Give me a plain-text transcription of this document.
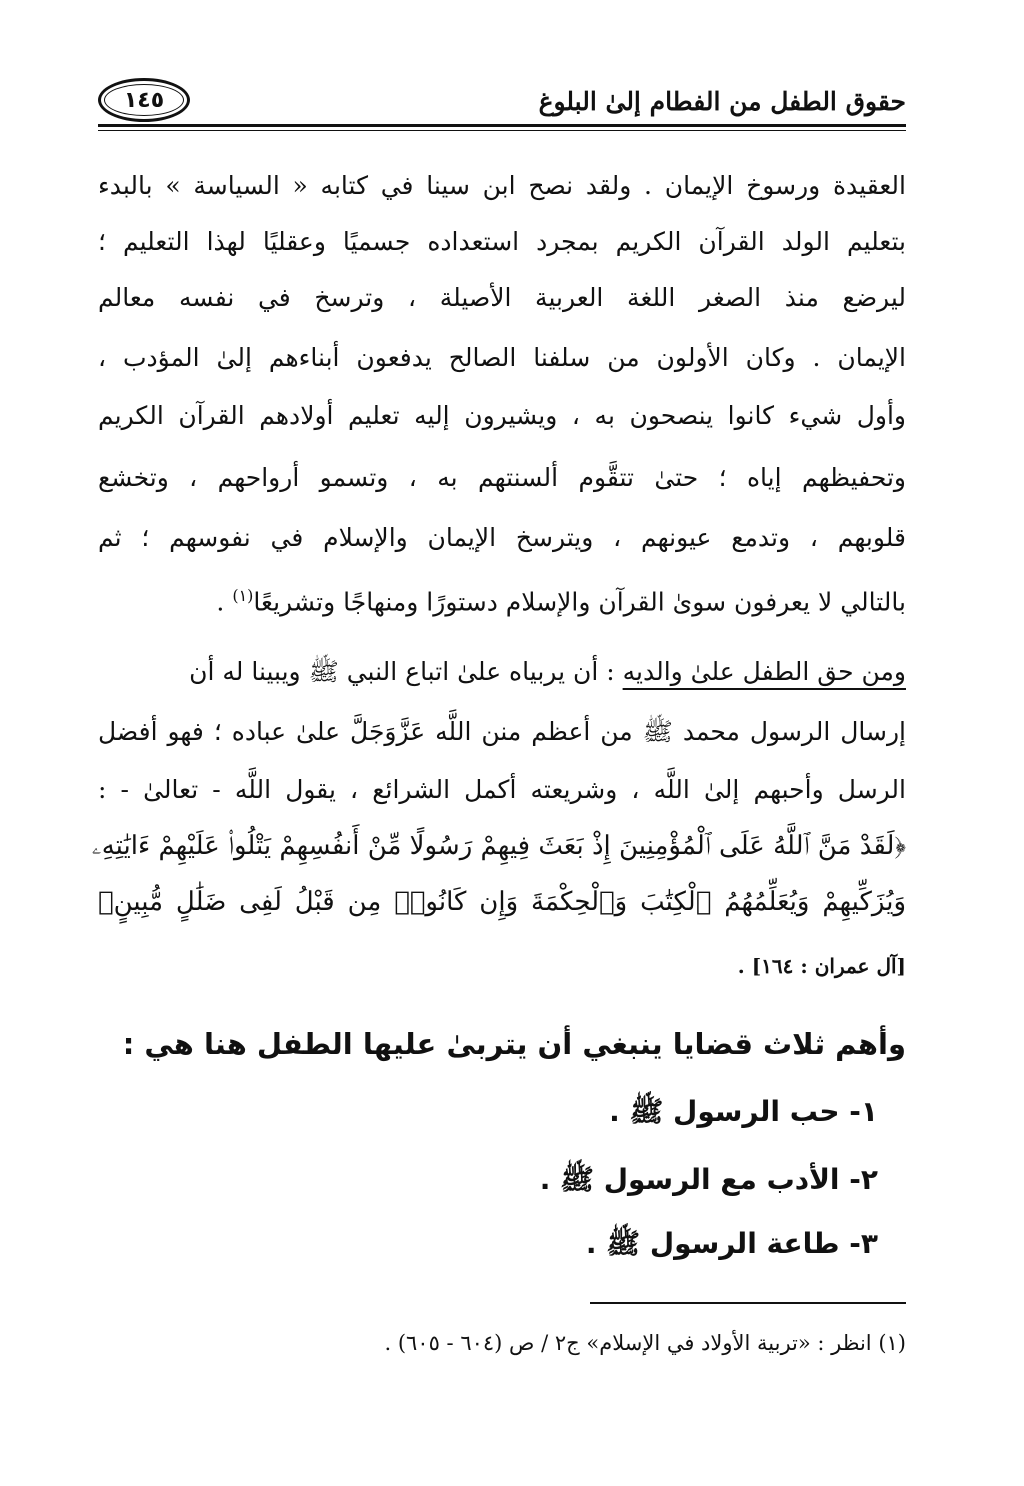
حقوق الطفل من الفطام إلىٰ البلوغ
١٤٥
العقيدة ورسوخ الإيمان . ولقد نصح ابن سينا في كتابه « السياسة » بالبدء
بتعليم الولد القرآن الكريم بمجرد استعداده جسميًا وعقليًا لهذا التعليم ؛
ليرضع منذ الصغر اللغة العربية الأصيلة ، وترسخ في نفسه معالم
الإيمان . وكان الأولون من سلفنا الصالح يدفعون أبناءهم إلىٰ المؤدب ،
وأول شيء كانوا ينصحون به ، ويشيرون إليه تعليم أولادهم القرآن الكريم
وتحفيظهم إياه ؛ حتىٰ تتقَّوم ألسنتهم به ، وتسمو أرواحهم ، وتخشع
قلوبهم ، وتدمع عيونهم ، ويترسخ الإيمان والإسلام في نفوسهم ؛ ثم
بالتالي لا يعرفون سوىٰ القرآن والإسلام دستورًا ومنهاجًا وتشريعًا$^{(١)}$ .
ومن حق الطفل علىٰ والديه : أن يربياه علىٰ اتباع النبي ﷺ ويبينا له أن
إرسال الرسول محمد ﷺ من أعظم منن اللَّه عَزَّوَجَلَّ علىٰ عباده ؛ فهو أفضل
الرسل وأحبهم إلىٰ اللَّه ، وشريعته أكمل الشرائع ، يقول اللَّه - تعالىٰ - :
﴿لَقَدْ مَنَّ ٱللَّهُ عَلَى ٱلْمُؤْمِنِينَ إِذْ بَعَثَ فِيهِمْ رَسُولًا مِّنْ أَنفُسِهِمْ يَتْلُوا۟ عَلَيْهِمْ ءَايَٰتِهِۦ
وَيُزَكِّيهِمْ وَيُعَلِّمُهُمُ ٱلْكِتَٰبَ وَٱلْحِكْمَةَ وَإِن كَانُوا۟ مِن قَبْلُ لَفِى ضَلَٰلٍ مُّبِينٍ﴾
[آل عمران : ١٦٤] .
وأهم ثلاث قضايا ينبغي أن يتربىٰ عليها الطفل هنا هي :
١- حب الرسول ﷺ .
٢- الأدب مع الرسول ﷺ .
٣- طاعة الرسول ﷺ .
(١) انظر : «تربية الأولاد في الإسلام» ج٢ / ص (٦٠٤ - ٦٠٥) .
